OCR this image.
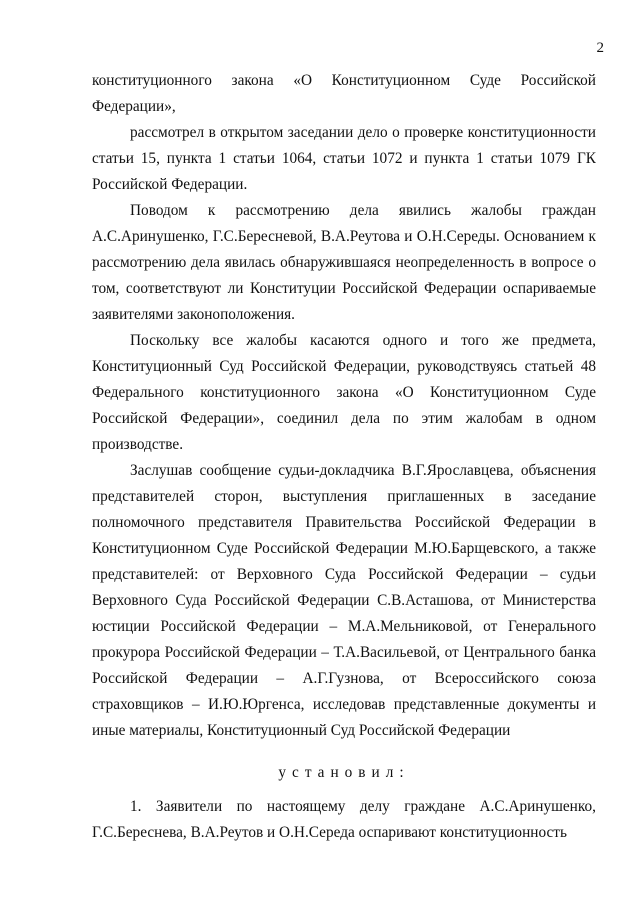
2

конституционного закона «О Конституционном Суде Российской Федерации»,

рассмотрел в открытом заседании дело о проверке конституционности статьи 15, пункта 1 статьи 1064, статьи 1072 и пункта 1 статьи 1079 ГК Российской Федерации.

Поводом к рассмотрению дела явились жалобы граждан А.С.Аринушенко, Г.С.Бересневой, В.А.Реутова и О.Н.Середы. Основанием к рассмотрению дела явилась обнаружившаяся неопределенность в вопросе о том, соответствуют ли Конституции Российской Федерации оспариваемые заявителями законоположения.

Поскольку все жалобы касаются одного и того же предмета, Конституционный Суд Российской Федерации, руководствуясь статьей 48 Федерального конституционного закона «О Конституционном Суде Российской Федерации», соединил дела по этим жалобам в одном производстве.

Заслушав сообщение судьи-докладчика В.Г.Ярославцева, объяснения представителей сторон, выступления приглашенных в заседание полномочного представителя Правительства Российской Федерации в Конституционном Суде Российской Федерации М.Ю.Барщевского, а также представителей: от Верховного Суда Российской Федерации – судьи Верховного Суда Российской Федерации С.В.Асташова, от Министерства юстиции Российской Федерации – М.А.Мельниковой, от Генерального прокурора Российской Федерации – Т.А.Васильевой, от Центрального банка Российской Федерации – А.Г.Гузнова, от Всероссийского союза страховщиков – И.Ю.Юргенса, исследовав представленные документы и иные материалы, Конституционный Суд Российской Федерации

установил:

1. Заявители по настоящему делу граждане А.С.Аринушенко, Г.С.Береснева, В.А.Реутов и О.Н.Середа оспаривают конституционность
